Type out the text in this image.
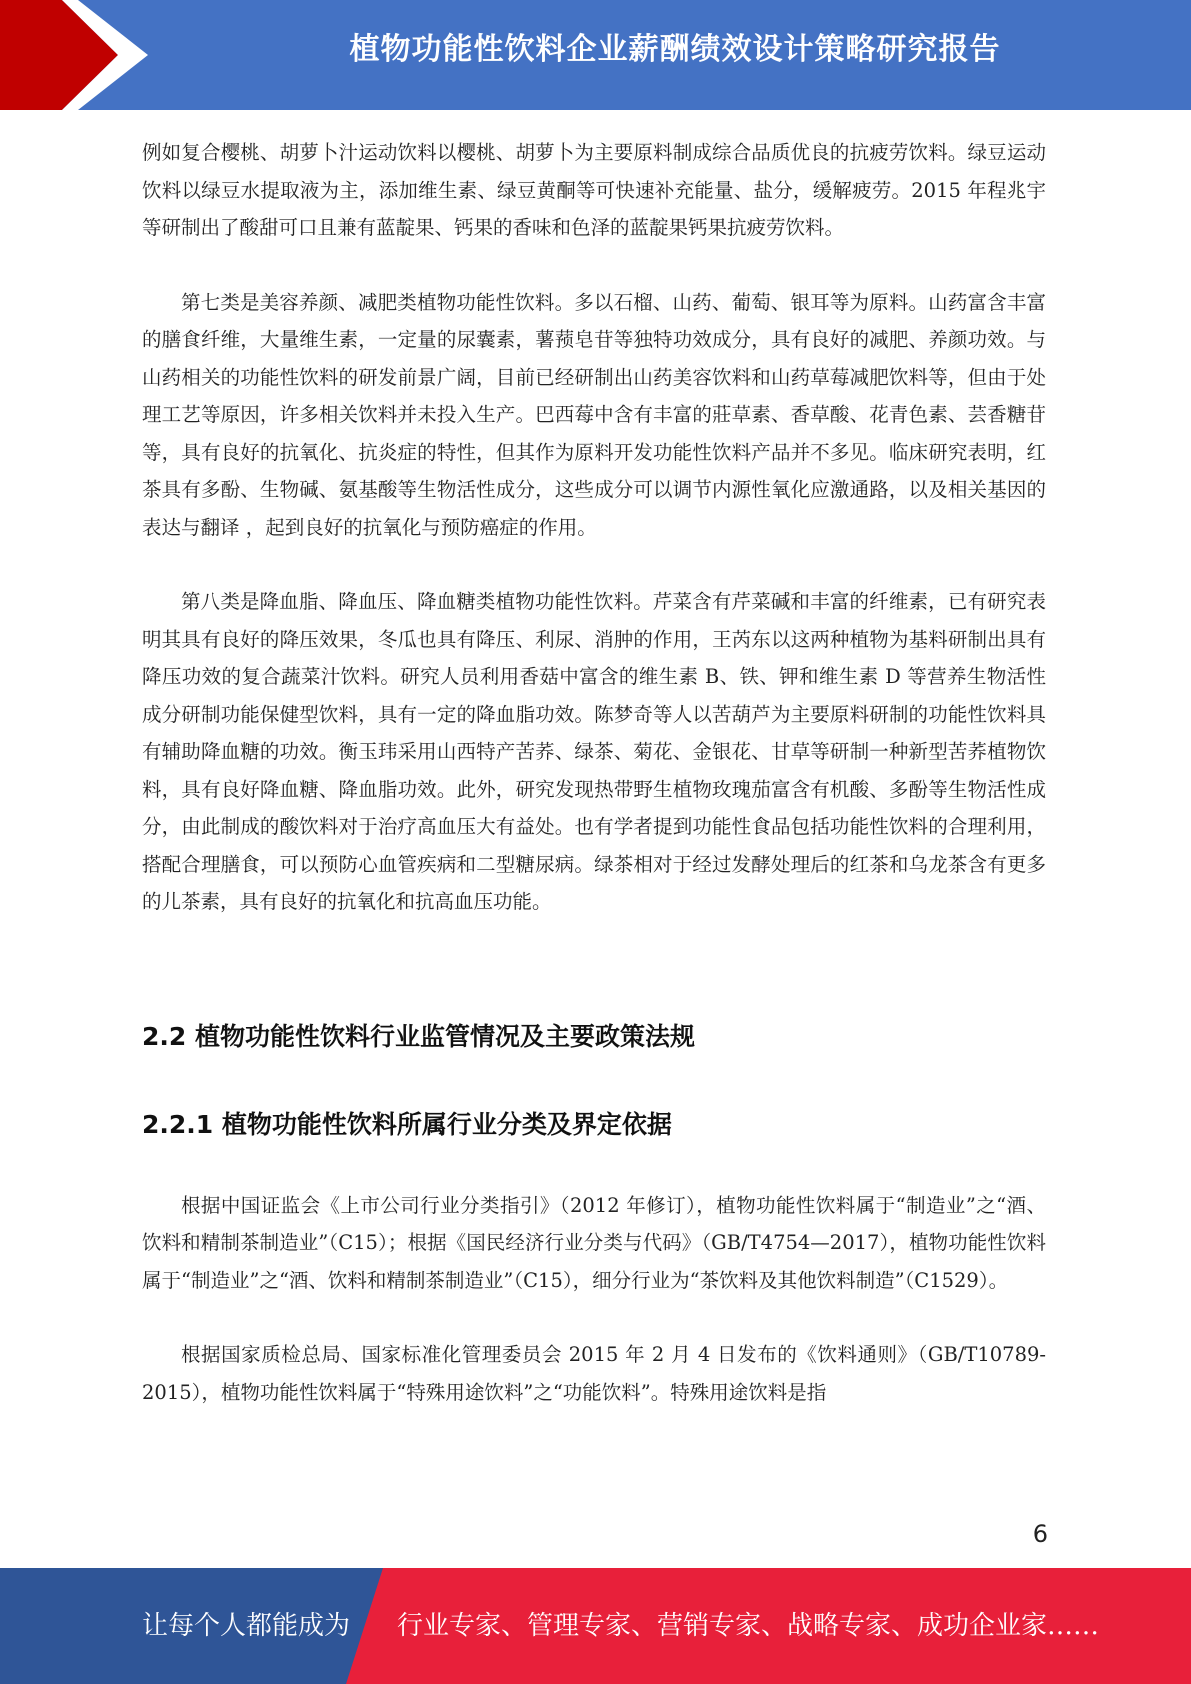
植物功能性饮料企业薪酬绩效设计策略研究报告

例如复合樱桃、胡萝卜汁运动饮料以樱桃、胡萝卜为主要原料制成综合品质优良的抗疲劳饮料。绿豆运动饮料以绿豆水提取液为主，添加维生素、绿豆黄酮等可快速补充能量、盐分，缓解疲劳。2015 年程兆宇等研制出了酸甜可口且兼有蓝靛果、钙果的香味和色泽的蓝靛果钙果抗疲劳饮料。

第七类是美容养颜、减肥类植物功能性饮料。多以石榴、山药、葡萄、银耳等为原料。山药富含丰富的膳食纤维，大量维生素，一定量的尿囊素，薯蓣皂苷等独特功效成分，具有良好的减肥、养颜功效。与山药相关的功能性饮料的研发前景广阔，目前已经研制出山药美容饮料和山药草莓减肥饮料等，但由于处理工艺等原因，许多相关饮料并未投入生产。巴西莓中含有丰富的莊草素、香草酸、花青色素、芸香糖苷等，具有良好的抗氧化、抗炎症的特性，但其作为原料开发功能性饮料产品并不多见。临床研究表明，红茶具有多酚、生物碱、氨基酸等生物活性成分，这些成分可以调节内源性氧化应激通路，以及相关基因的表达与翻译 ，起到良好的抗氧化与预防癌症的作用。

第八类是降血脂、降血压、降血糖类植物功能性饮料。芹菜含有芹菜碱和丰富的纤维素，已有研究表明其具有良好的降压效果，冬瓜也具有降压、利尿、消肿的作用，王芮东以这两种植物为基料研制出具有降压功效的复合蔬菜汁饮料。研究人员利用香菇中富含的维生素 B、铁、钾和维生素 D 等营养生物活性成分研制功能保健型饮料，具有一定的降血脂功效。陈梦奇等人以苦葫芦为主要原料研制的功能性饮料具有辅助降血糖的功效。衡玉玮采用山西特产苦荞、绿茶、菊花、金银花、甘草等研制一种新型苦荞植物饮料，具有良好降血糖、降血脂功效。此外，研究发现热带野生植物玫瑰茄富含有机酸、多酚等生物活性成分，由此制成的酸饮料对于治疗高血压大有益处。也有学者提到功能性食品包括功能性饮料的合理利用，搭配合理膳食，可以预防心血管疾病和二型糖尿病。绿茶相对于经过发酵处理后的红茶和乌龙茶含有更多的儿茶素，具有良好的抗氧化和抗高血压功能。

2.2 植物功能性饮料行业监管情况及主要政策法规
2.2.1 植物功能性饮料所属行业分类及界定依据

根据中国证监会《上市公司行业分类指引》（2012 年修订），植物功能性饮料属于“制造业”之“酒、饮料和精制茶制造业”（C15）；根据《国民经济行业分类与代码》（GB/T4754—2017），植物功能性饮料属于“制造业”之“酒、饮料和精制茶制造业”（C15），细分行业为“茶饮料及其他饮料制造”（C1529）。

根据国家质检总局、国家标准化管理委员会 2015 年 2 月 4 日发布的《饮料通则》（GB/T10789-2015），植物功能性饮料属于“特殊用途饮料”之“功能饮料”。特殊用途饮料是指

6
让每个人都能成为 行业专家、管理专家、营销专家、战略专家、成功企业家……
